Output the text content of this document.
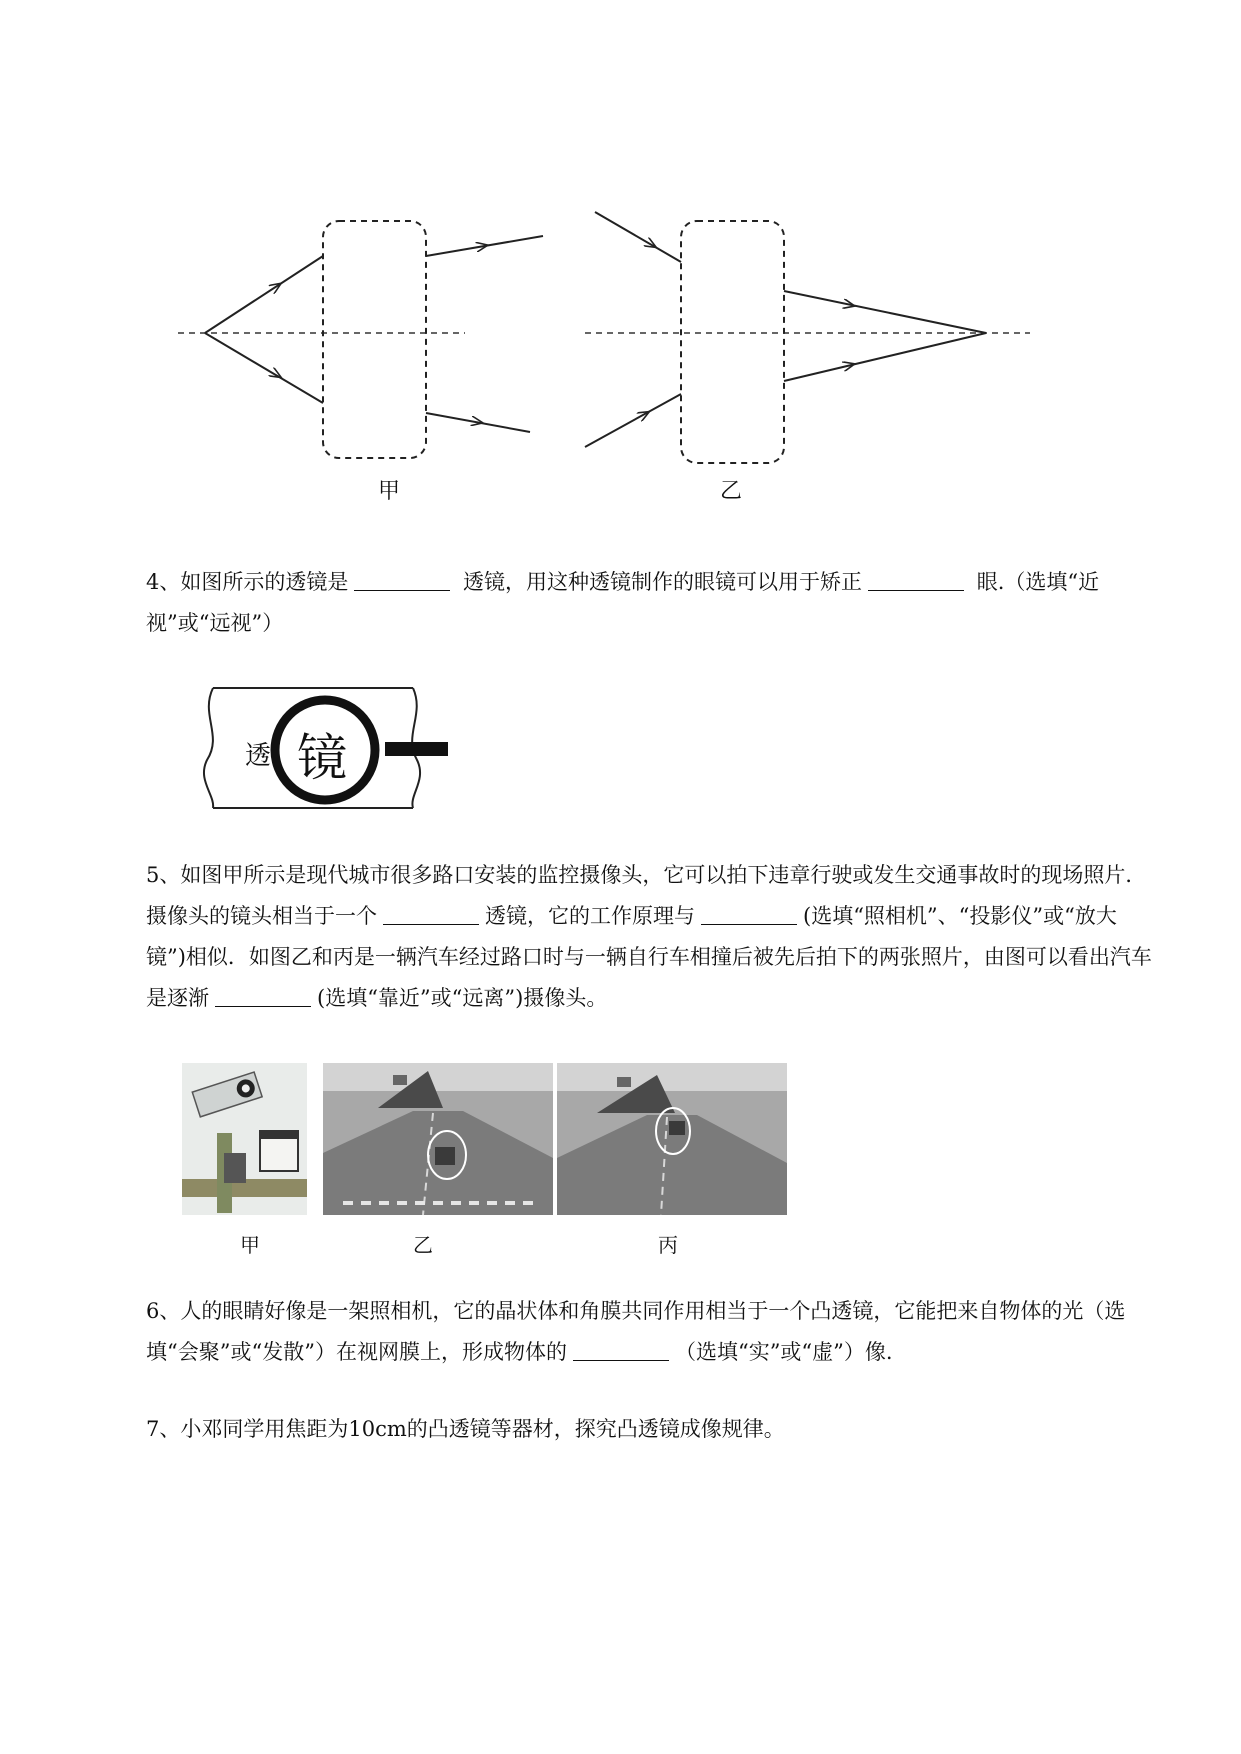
甲	乙
4、如图所示的透镜是	透镜，用这种透镜制作的眼镜可以用于矫正	眼.（选填“近视”或“远视”）
透 镜
5、如图甲所示是现代城市很多路口安装的监控摄像头，它可以拍下违章行驶或发生交通事故时的现场照片．摄像头的镜头相当于一个	透镜，它的工作原理与	(选填“照相机”、“投影仪”或“放大镜”)相似．如图乙和丙是一辆汽车经过路口时与一辆自行车相撞后被先后拍下的两张照片，由图可以看出汽车是逐渐	(选填“靠近”或“远离”)摄像头。
甲	乙	丙
6、人的眼睛好像是一架照相机，它的晶状体和角膜共同作用相当于一个凸透镜，它能把来自物体的光（选填“会聚”或“发散”）在视网膜上，形成物体的	（选填“实”或“虚”）像.
7、小邓同学用焦距为10cm的凸透镜等器材，探究凸透镜成像规律。
